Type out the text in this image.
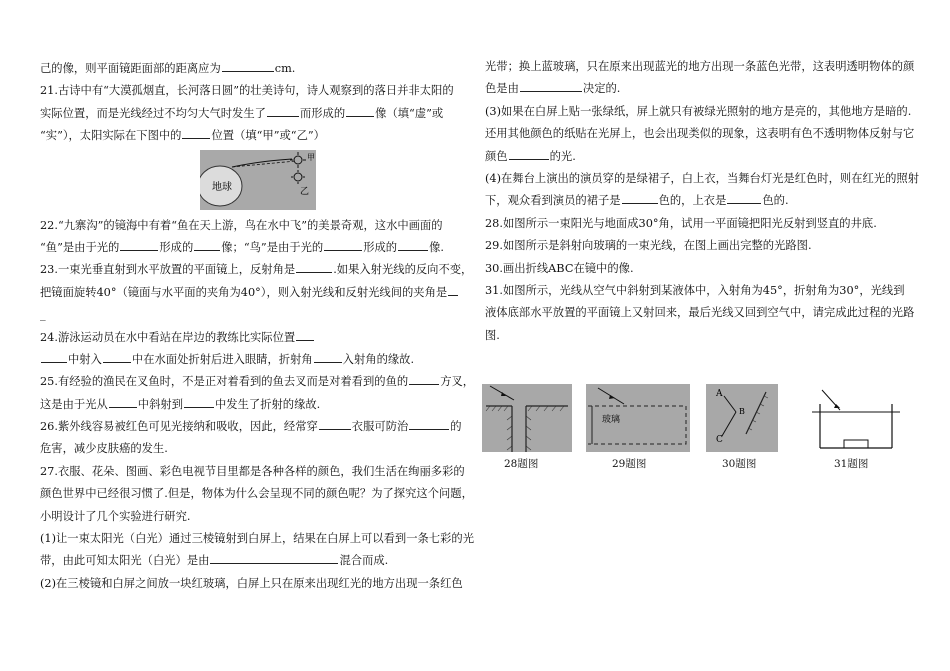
己的像，则平面镜距面部的距离应为	cm.
21.古诗中有“大漠孤烟直，长河落日圆”的壮美诗句，诗人观察到的落日并非太阳的
实际位置，而是光线经过不均匀大气时发生了	而形成的	像（填“虚”或
“实”），太阳实际在下图中的	位置（填“甲”或“乙”）
22.“九寨沟”的镜海中有着“鱼在天上游，鸟在水中飞”的美景奇观，这水中画面的
“鱼”是由于光的	形成的 像；“鸟”是由于光的	形成的	像.
23.一束光垂直射到水平放置的平面镜上，反射角是	.如果入射光线的反向不变，
把镜面旋转40°（镜面与水平面的夹角为40°），则入射光线和反射光线间的夹角是
_
24.游泳运动员在水中看站在岸边的教练比实际位置
中射入	中在水面处折射后进入眼睛，折射角	入射角的缘故.
25.有经验的渔民在叉鱼时，不是正对着看到的鱼去叉而是对着看到的鱼的	方叉，
这是由于光从	中斜射到	中发生了折射的缘故.
26.紫外线容易被红色可见光接纳和吸收，因此，经常穿	衣服可防治	的
危害，减少皮肤癌的发生.
27.衣服、花朵、图画、彩色电视节目里都是各种各样的颜色，我们生活在绚丽多彩的
颜色世界中已经很习惯了.但是，物体为什么会呈现不同的颜色呢？为了探究这个问题，
小明设计了几个实验进行研究.
(1)让一束太阳光（白光）通过三棱镜射到白屏上，结果在白屏上可以看到一条七彩的光
带，由此可知太阳光（白光）是由	混合而成.
(2)在三棱镜和白屏之间放一块红玻璃，白屏上只在原来出现红光的地方出现一条红色
地球
甲
乙
光带；换上蓝玻璃，只在原来出现蓝光的地方出现一条蓝色光带，这表明透明物体的颜
色是由	决定的.
(3)如果在白屏上贴一张绿纸，屏上就只有被绿光照射的地方是亮的，其他地方是暗的.
还用其他颜色的纸贴在光屏上，也会出现类似的现象，这表明有色不透明物体反射与它
颜色	的光.
(4)在舞台上演出的演员穿的是绿裙子，白上衣，当舞台灯光是红色时，则在红光的照射
下，观众看到演员的裙子是	色的，上衣是	色的.
28.如图所示一束阳光与地面成30°角，试用一平面镜把阳光反射到竖直的井底.
29.如图所示是斜射向玻璃的一束光线，在图上画出完整的光路图.
30.画出折线ABC在镜中的像.
31.如图所示，光线从空气中斜射到某液体中，入射角为45°，折射角为30°，光线到
液体底部水平放置的平面镜上又射回来，最后光线又回到空气中，请完成此过程的光路
图.
28题图
玻璃
29题图
A
B
C
30题图	31题图
